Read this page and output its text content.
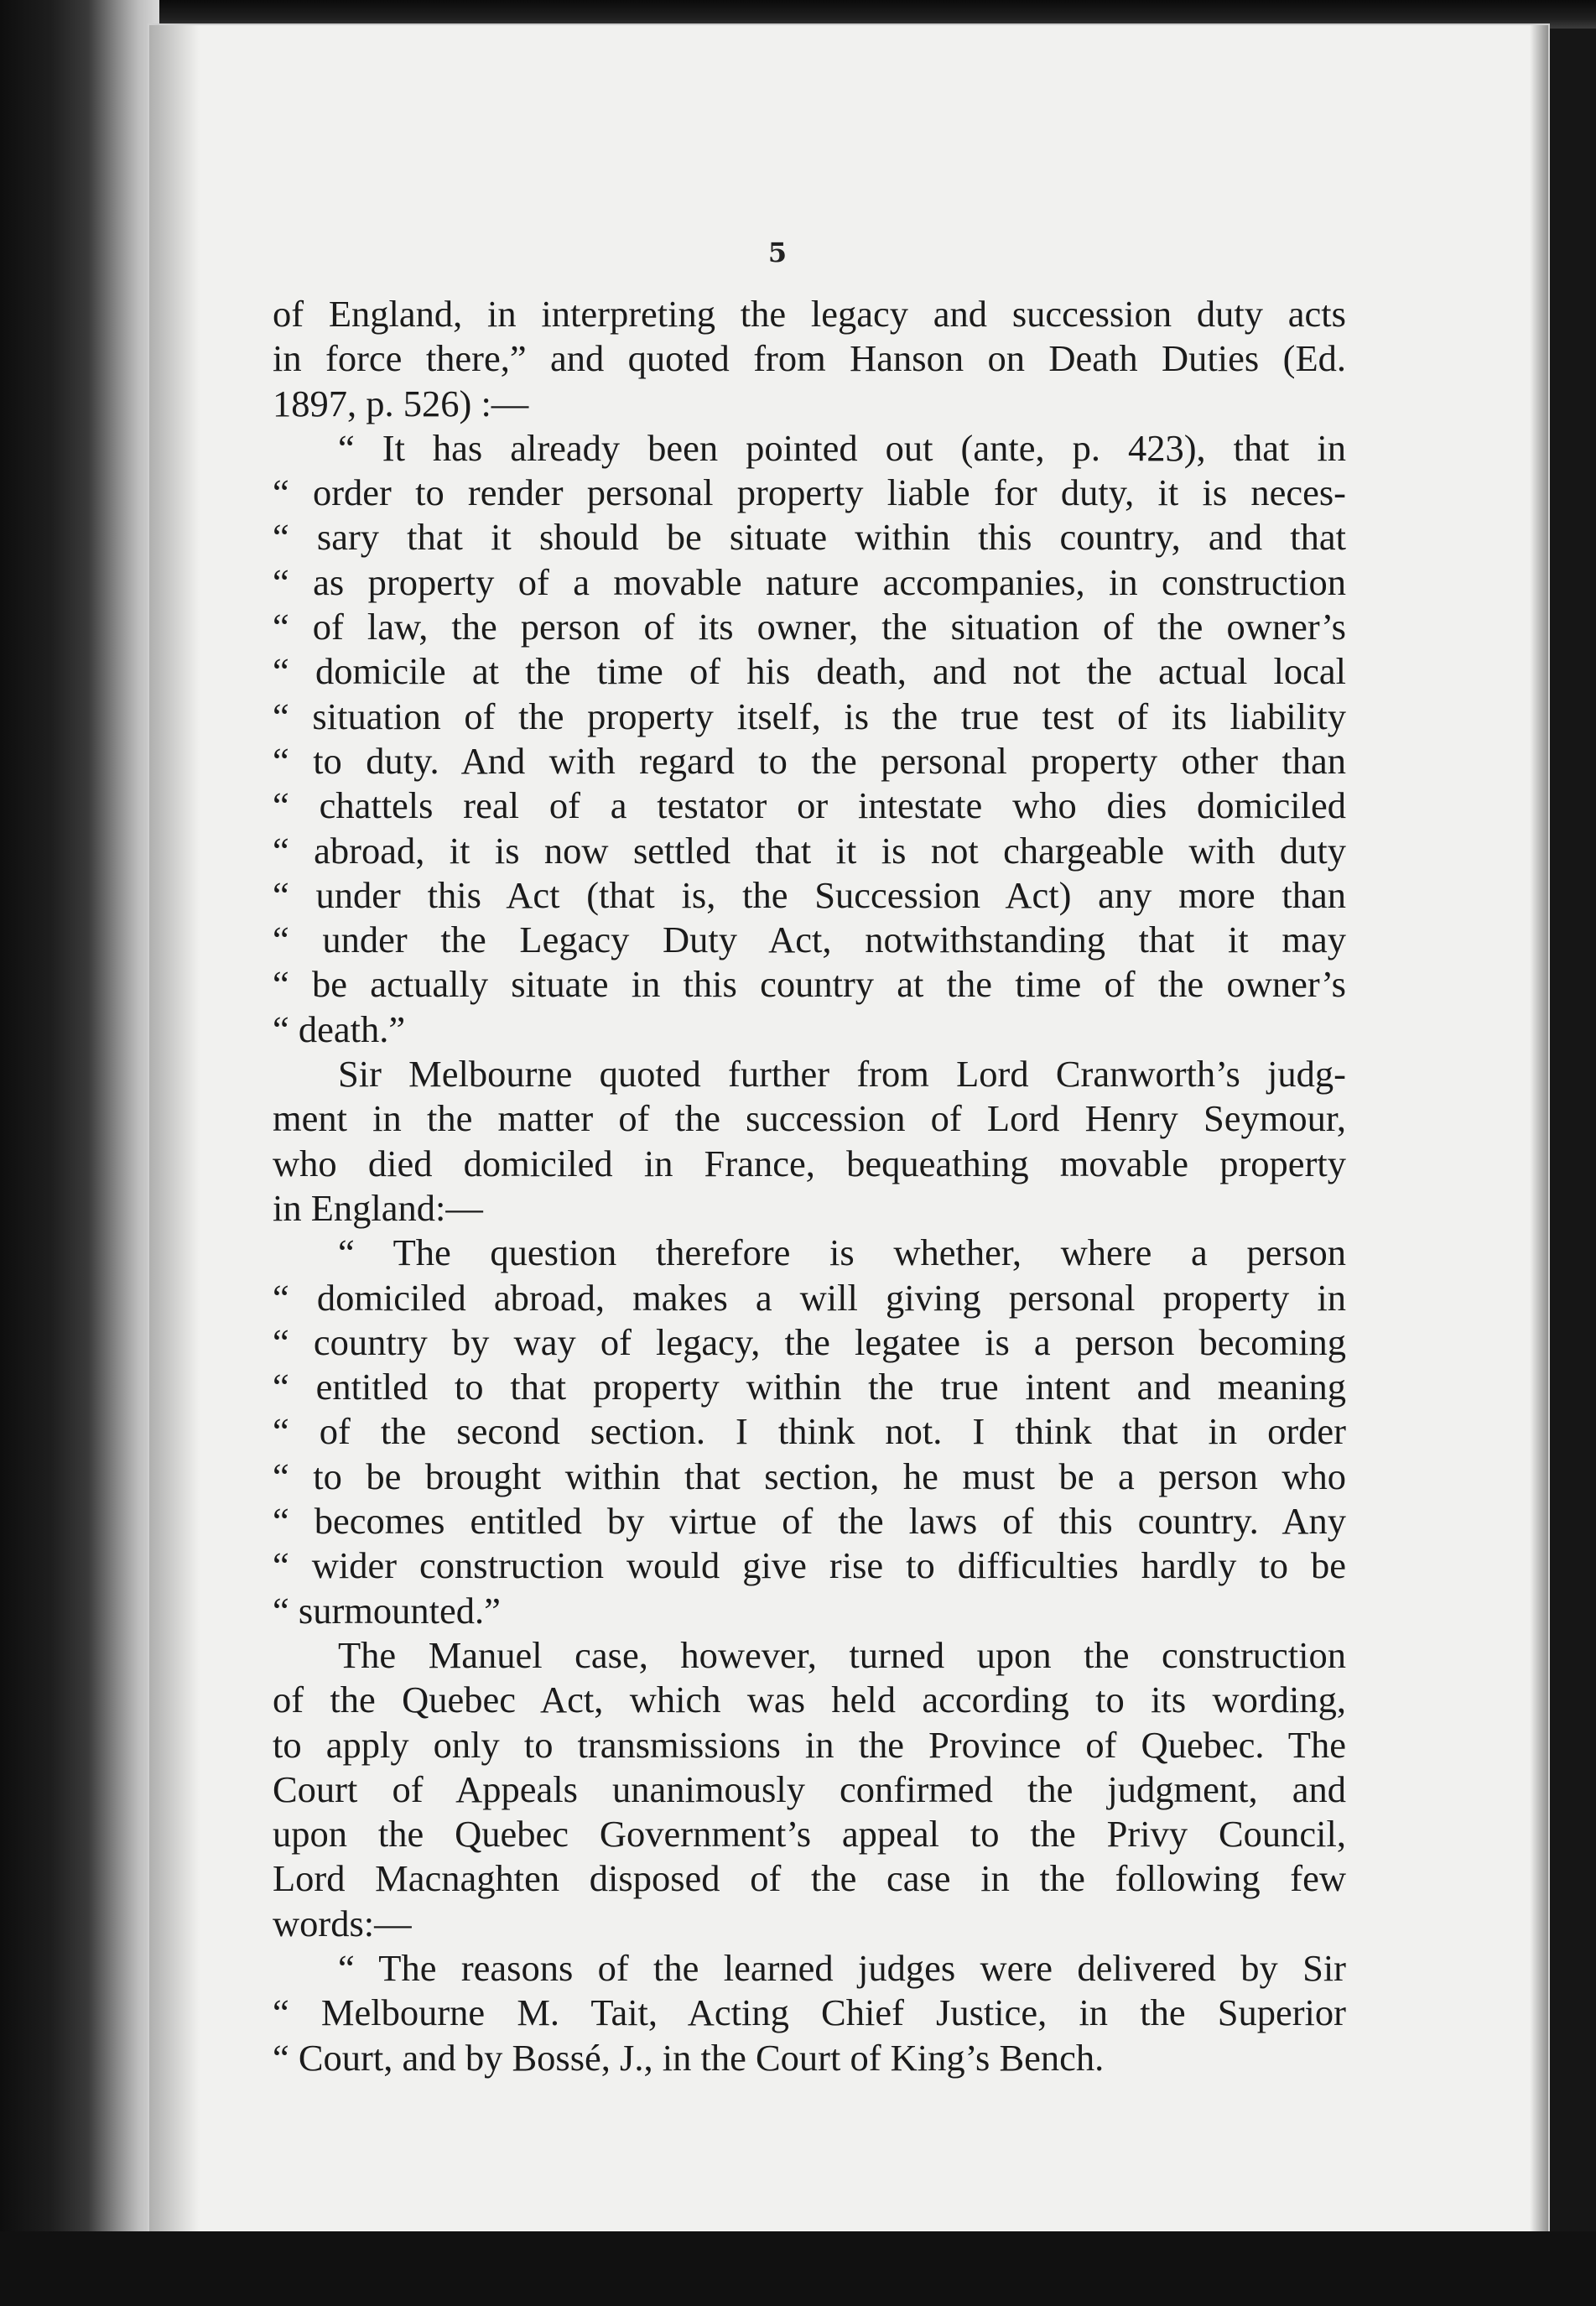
5
of England, in interpreting the legacy and succession duty acts
in force there,” and quoted from Hanson on Death Duties (Ed.
1897, p. 526) :—
“ It has already been pointed out (ante, p. 423), that in
“ order to render personal property liable for duty, it is neces-
“ sary that it should be situate within this country, and that
“ as property of a movable nature accompanies, in construction
“ of law, the person of its owner, the situation of the owner’s
“ domicile at the time of his death, and not the actual local
“ situation of the property itself, is the true test of its liability
“ to duty. And with regard to the personal property other than
“ chattels real of a testator or intestate who dies domiciled
“ abroad, it is now settled that it is not chargeable with duty
“ under this Act (that is, the Succession Act) any more than
“ under the Legacy Duty Act, notwithstanding that it may
“ be actually situate in this country at the time of the owner’s
“ death.”
Sir Melbourne quoted further from Lord Cranworth’s judg-
ment in the matter of the succession of Lord Henry Seymour,
who died domiciled in France, bequeathing movable property
in England:—
“ The question therefore is whether, where a person
“ domiciled abroad, makes a will giving personal property in
“ country by way of legacy, the legatee is a person becoming
“ entitled to that property within the true intent and meaning
“ of the second section. I think not. I think that in order
“ to be brought within that section, he must be a person who
“ becomes entitled by virtue of the laws of this country. Any
“ wider construction would give rise to difficulties hardly to be
“ surmounted.”
The Manuel case, however, turned upon the construction
of the Quebec Act, which was held according to its wording,
to apply only to transmissions in the Province of Quebec. The
Court of Appeals unanimously confirmed the judgment, and
upon the Quebec Government’s appeal to the Privy Council,
Lord Macnaghten disposed of the case in the following few
words:—
“ The reasons of the learned judges were delivered by Sir
“ Melbourne M. Tait, Acting Chief Justice, in the Superior
“ Court, and by Bossé, J., in the Court of King’s Bench.
